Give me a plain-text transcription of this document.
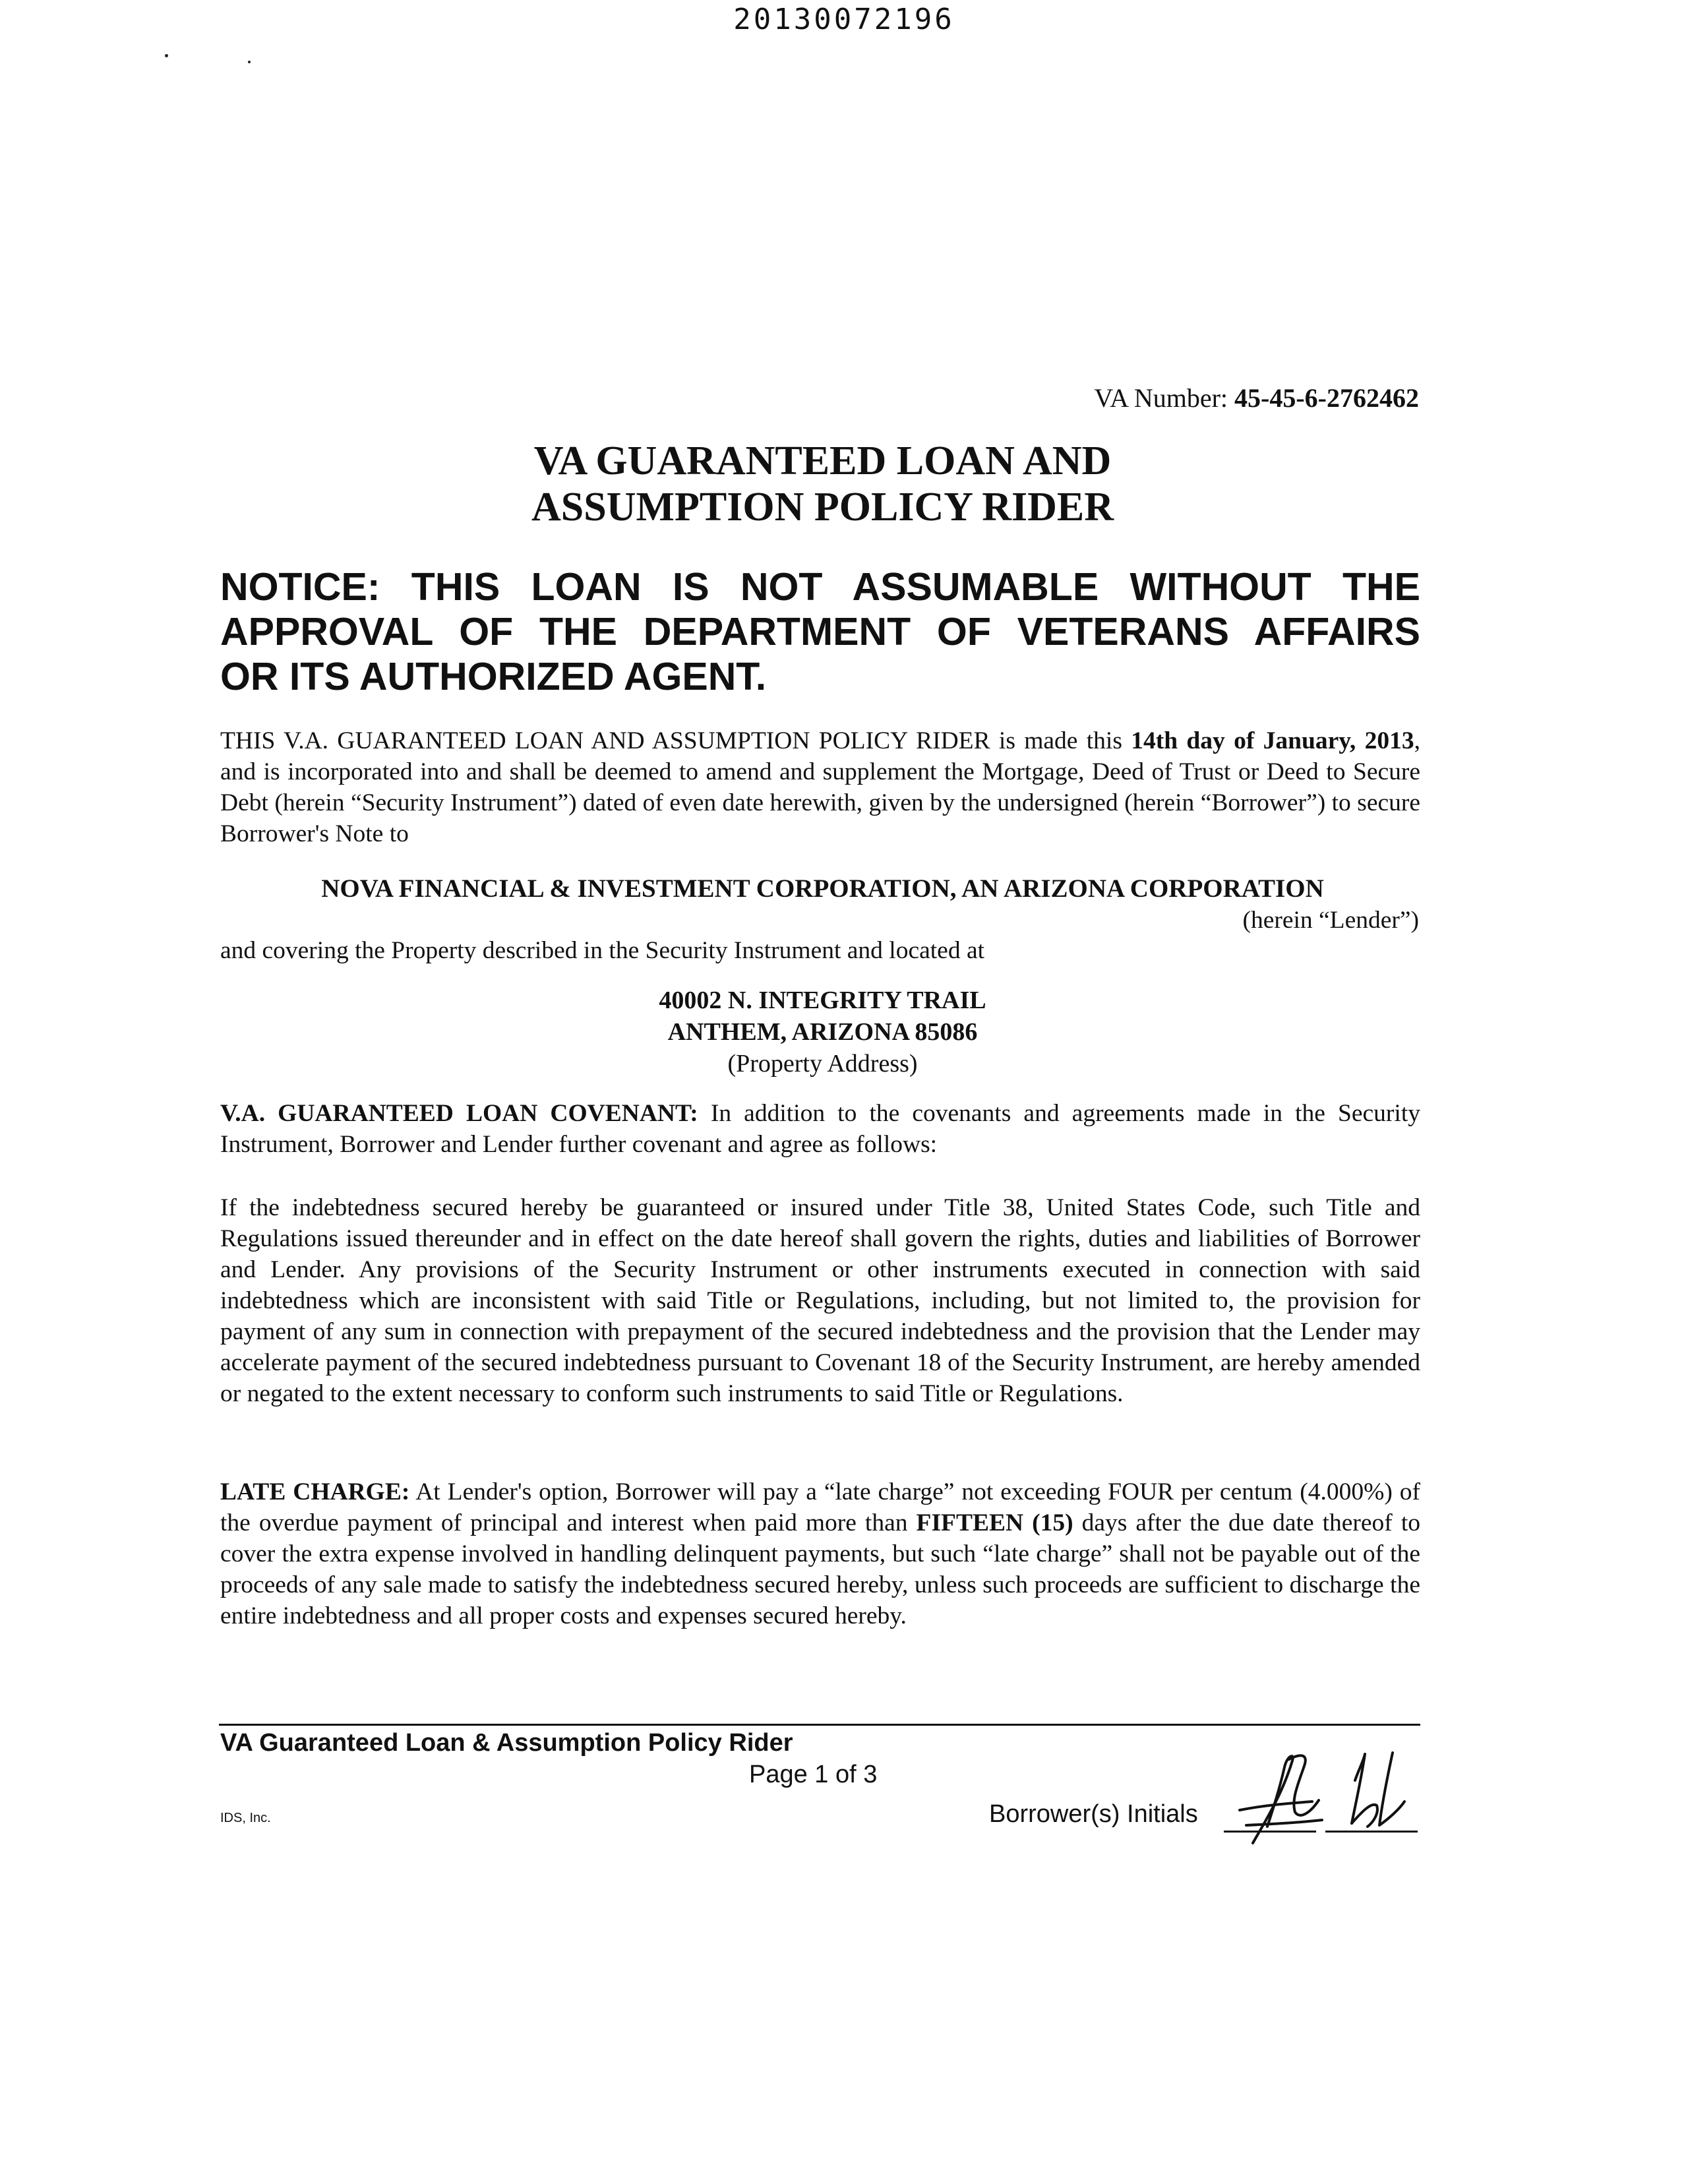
20130072196
VA Number: 45-45-6-2762462
VA GUARANTEED LOAN AND
ASSUMPTION POLICY RIDER
NOTICE: THIS LOAN IS NOT ASSUMABLE WITHOUT THE
APPROVAL OF THE DEPARTMENT OF VETERANS AFFAIRS
OR ITS AUTHORIZED AGENT.
THIS V.A. GUARANTEED LOAN AND ASSUMPTION POLICY RIDER is made this 14th day of January, 2013, and is incorporated into and shall be deemed to amend and supplement the Mortgage, Deed of Trust or Deed to Secure Debt (herein “Security Instrument”) dated of even date herewith, given by the undersigned (herein “Borrower”) to secure Borrower's Note to
NOVA FINANCIAL & INVESTMENT CORPORATION, AN ARIZONA CORPORATION
(herein “Lender”)
and covering the Property described in the Security Instrument and located at
40002 N. INTEGRITY TRAIL
ANTHEM, ARIZONA 85086
(Property Address)
V.A. GUARANTEED LOAN COVENANT: In addition to the covenants and agreements made in the Security Instrument, Borrower and Lender further covenant and agree as follows:
If the indebtedness secured hereby be guaranteed or insured under Title 38, United States Code, such Title and Regulations issued thereunder and in effect on the date hereof shall govern the rights, duties and liabilities of Borrower and Lender. Any provisions of the Security Instrument or other instruments executed in connection with said indebtedness which are inconsistent with said Title or Regulations, including, but not limited to, the provision for payment of any sum in connection with prepayment of the secured indebtedness and the provision that the Lender may accelerate payment of the secured indebtedness pursuant to Covenant 18 of the Security Instrument, are hereby amended or negated to the extent necessary to conform such instruments to said Title or Regulations.
LATE CHARGE: At Lender's option, Borrower will pay a “late charge” not exceeding FOUR per centum (4.000%) of the overdue payment of principal and interest when paid more than FIFTEEN (15) days after the due date thereof to cover the extra expense involved in handling delinquent payments, but such “late charge” shall not be payable out of the proceeds of any sale made to satisfy the indebtedness secured hereby, unless such proceeds are sufficient to discharge the entire indebtedness and all proper costs and expenses secured hereby.
VA Guaranteed Loan & Assumption Policy Rider
Page 1 of 3
IDS, Inc.	Borrower(s) Initials
